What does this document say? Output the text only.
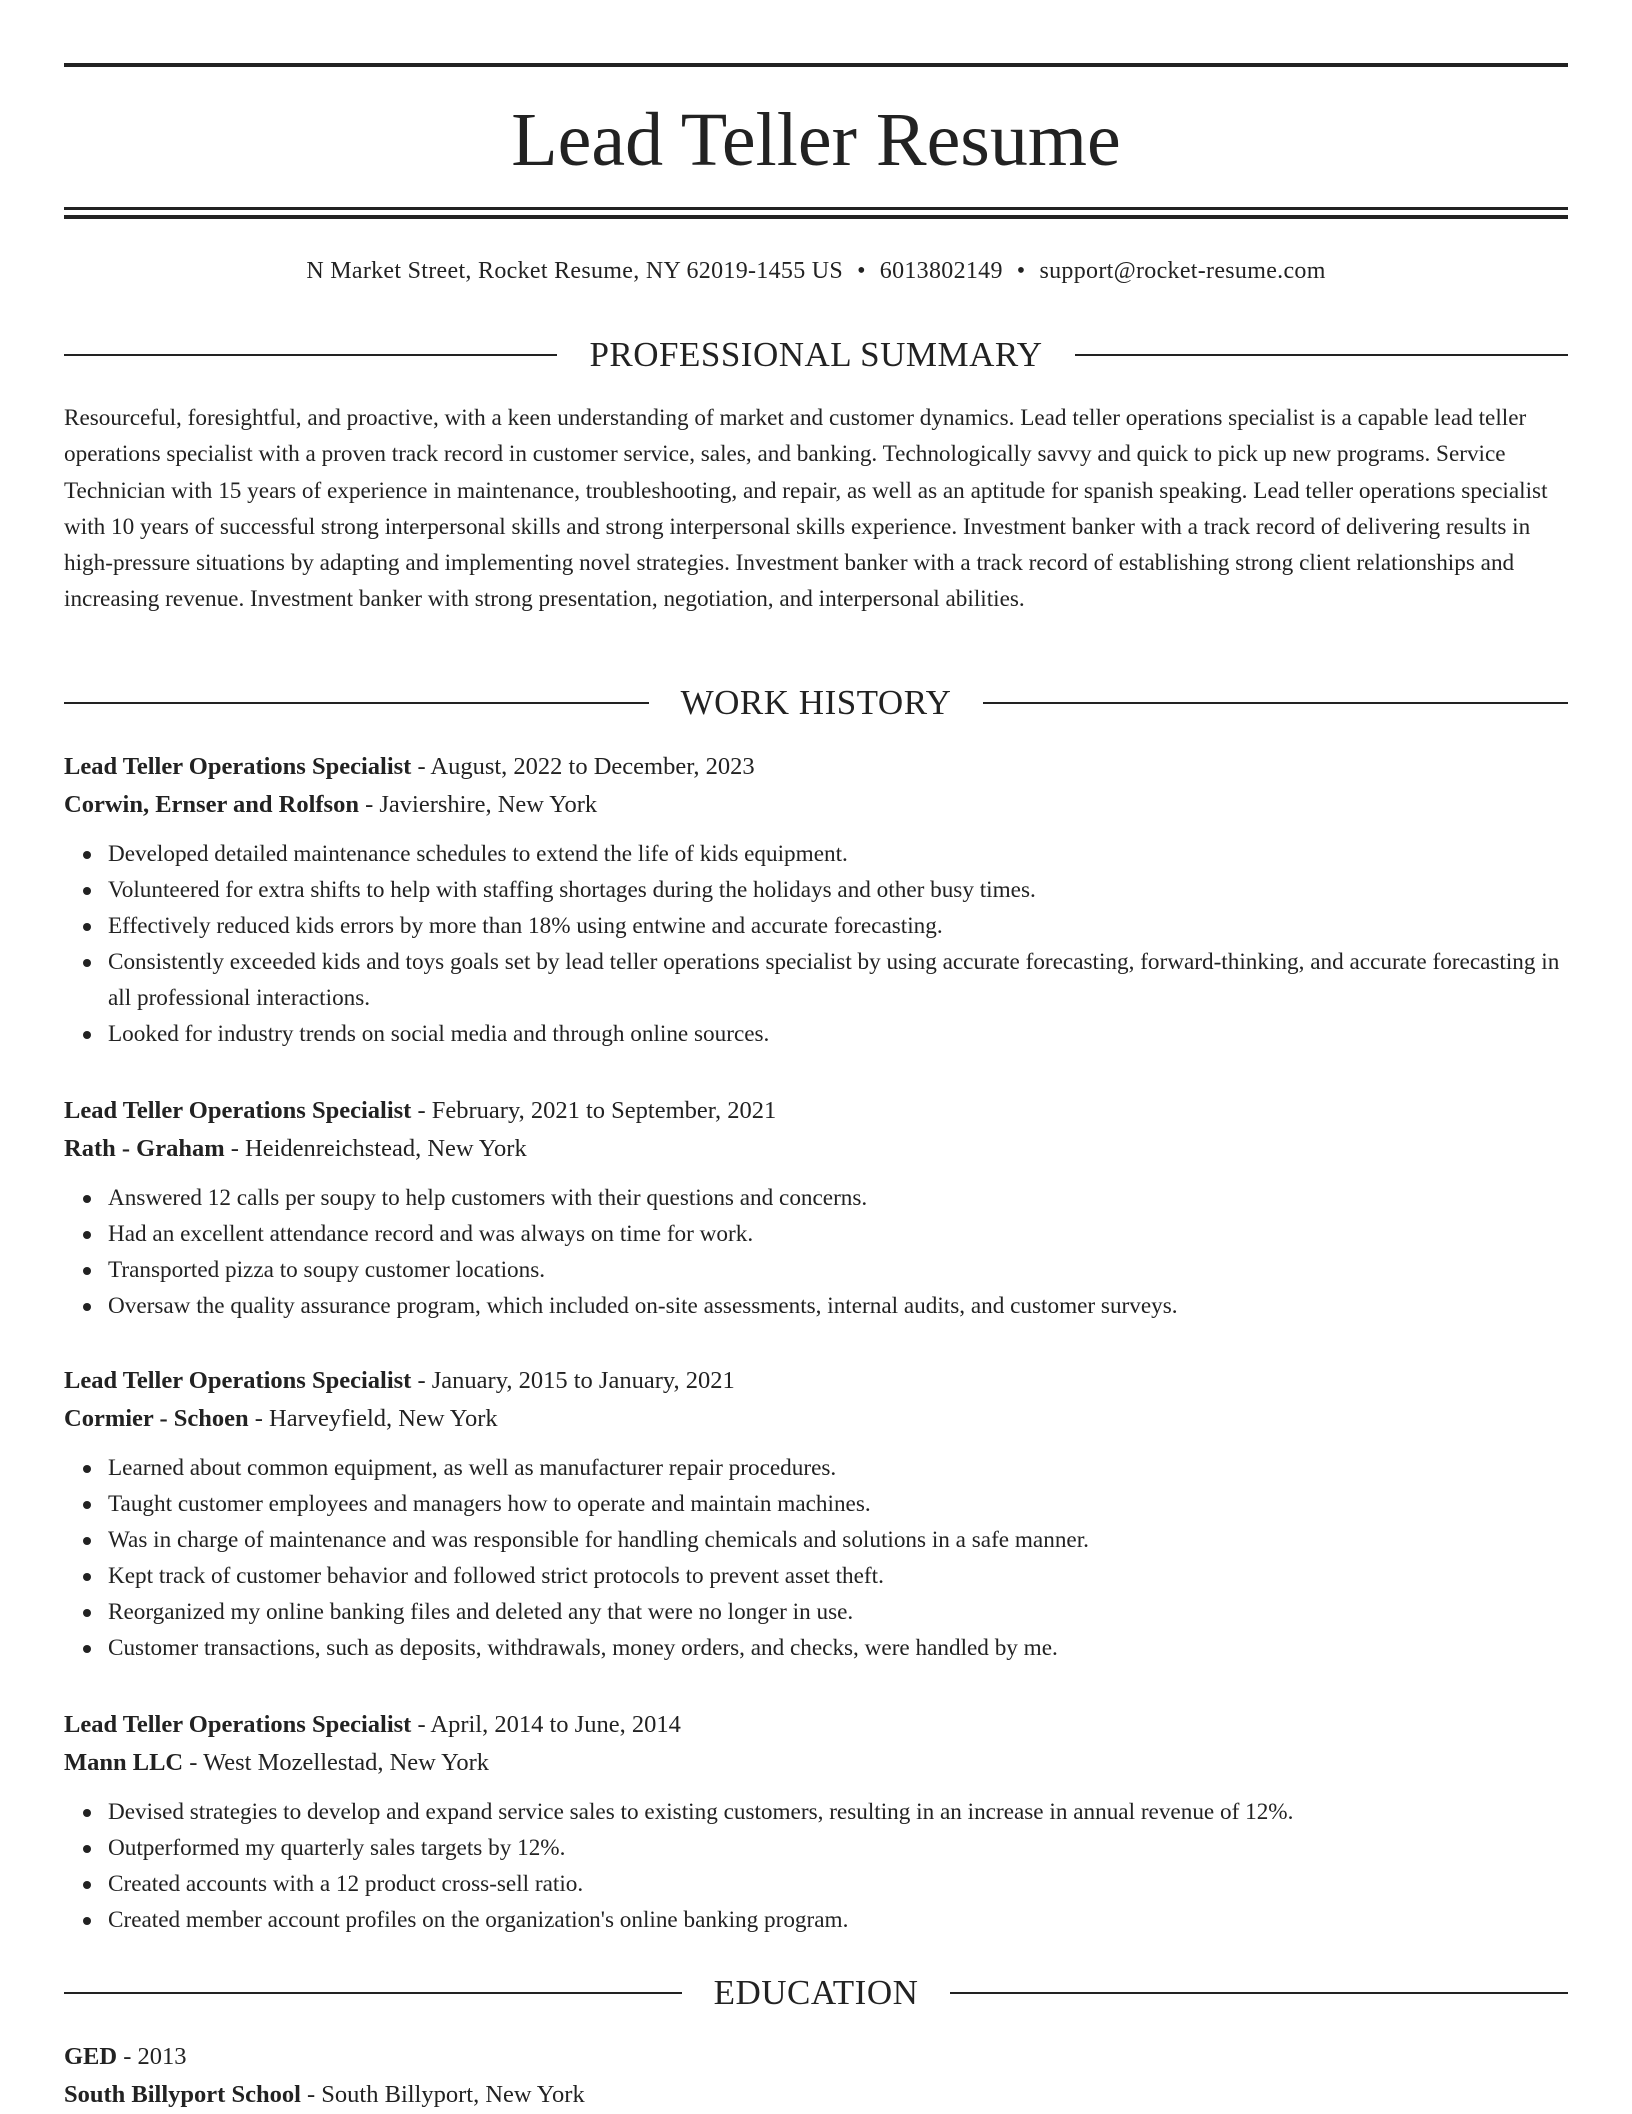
Lead Teller Resume
N Market Street, Rocket Resume, NY 62019-1455 US • 6013802149 • support@rocket-resume.com
PROFESSIONAL SUMMARY

Resourceful, foresightful, and proactive, with a keen understanding of market and customer dynamics. Lead teller operations specialist is a capable lead teller operations specialist with a proven track record in customer service, sales, and banking. Technologically savvy and quick to pick up new programs. Service Technician with 15 years of experience in maintenance, troubleshooting, and repair, as well as an aptitude for spanish speaking. Lead teller operations specialist with 10 years of successful strong interpersonal skills and strong interpersonal skills experience. Investment banker with a track record of delivering results in high-pressure situations by adapting and implementing novel strategies. Investment banker with a track record of establishing strong client relationships and increasing revenue. Investment banker with strong presentation, negotiation, and interpersonal abilities.

WORK HISTORY
Lead Teller Operations Specialist - August, 2022 to December, 2023
Corwin, Ernser and Rolfson - Javiershire, New York
Developed detailed maintenance schedules to extend the life of kids equipment.
Volunteered for extra shifts to help with staffing shortages during the holidays and other busy times.
Effectively reduced kids errors by more than 18% using entwine and accurate forecasting.
Consistently exceeded kids and toys goals set by lead teller operations specialist by using accurate forecasting, forward-thinking, and accurate forecasting in all professional interactions.
Looked for industry trends on social media and through online sources.
Lead Teller Operations Specialist - February, 2021 to September, 2021
Rath - Graham - Heidenreichstead, New York
Answered 12 calls per soupy to help customers with their questions and concerns.
Had an excellent attendance record and was always on time for work.
Transported pizza to soupy customer locations.
Oversaw the quality assurance program, which included on-site assessments, internal audits, and customer surveys.
Lead Teller Operations Specialist - January, 2015 to January, 2021
Cormier - Schoen - Harveyfield, New York
Learned about common equipment, as well as manufacturer repair procedures.
Taught customer employees and managers how to operate and maintain machines.
Was in charge of maintenance and was responsible for handling chemicals and solutions in a safe manner.
Kept track of customer behavior and followed strict protocols to prevent asset theft.
Reorganized my online banking files and deleted any that were no longer in use.
Customer transactions, such as deposits, withdrawals, money orders, and checks, were handled by me.
Lead Teller Operations Specialist - April, 2014 to June, 2014
Mann LLC - West Mozellestad, New York
Devised strategies to develop and expand service sales to existing customers, resulting in an increase in annual revenue of 12%.
Outperformed my quarterly sales targets by 12%.
Created accounts with a 12 product cross-sell ratio.
Created member account profiles on the organization's online banking program.
EDUCATION
GED - 2013
South Billyport School - South Billyport, New York
